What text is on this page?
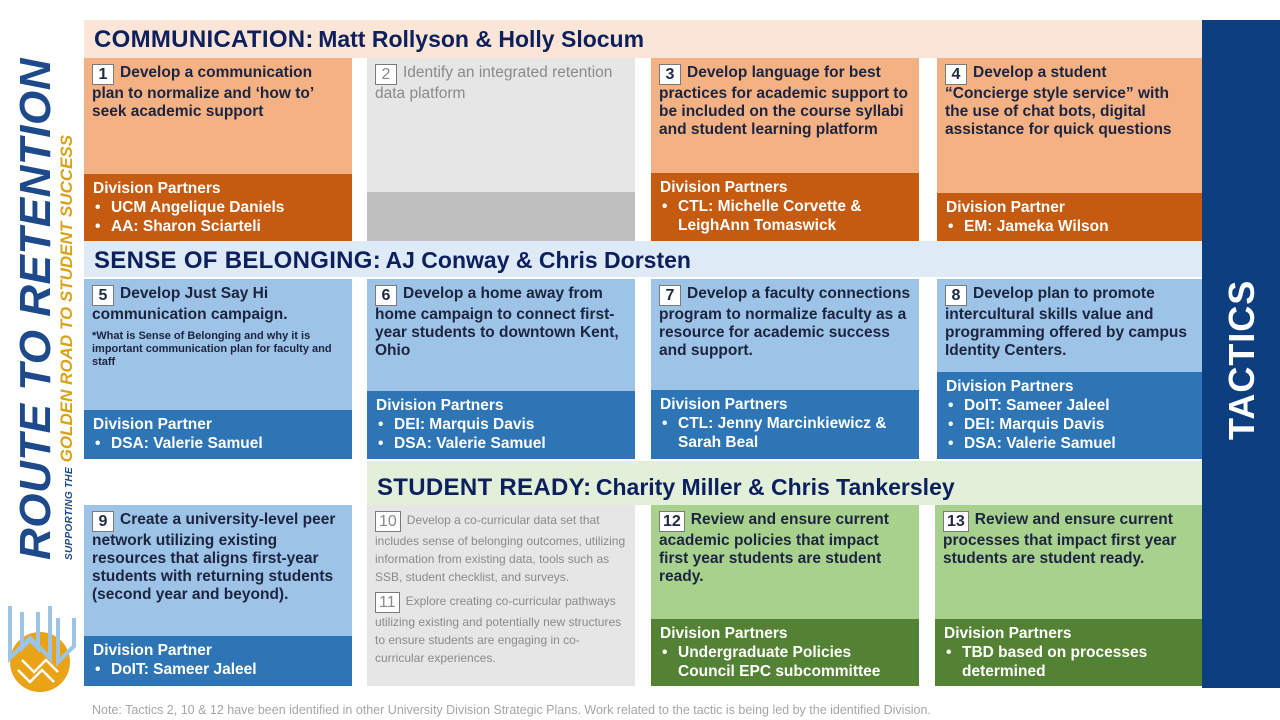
ROUTE TO RETENTION SUPPORTING THE GOLDEN ROAD TO STUDENT SUCCESS	TACTICS
COMMUNICATION: Matt Rollyson & Holly Slocum
1 Develop a communication plan to normalize and ‘how to’ seek academic support
Division Partners
• UCM Angelique Daniels
• AA: Sharon Sciarteli
2 Identify an integrated retention data platform
3 Develop language for best practices for academic support to be included on the course syllabi and student learning platform
Division Partners
• CTL: Michelle Corvette & LeighAnn Tomaswick
4 Develop a student “Concierge style service” with the use of chat bots, digital assistance for quick questions
Division Partner
• EM: Jameka Wilson
SENSE OF BELONGING: AJ Conway & Chris Dorsten
5 Develop Just Say Hi communication campaign.
*What is Sense of Belonging and why it is important communication plan for faculty and staff
Division Partner
• DSA: Valerie Samuel
6 Develop a home away from home campaign to connect first-year students to downtown Kent, Ohio
Division Partners
• DEI: Marquis Davis
• DSA: Valerie Samuel
7 Develop a faculty connections program to normalize faculty as a resource for academic success and support.
Division Partners
• CTL: Jenny Marcinkiewicz & Sarah Beal
8 Develop plan to promote intercultural skills value and programming offered by campus Identity Centers.
Division Partners
• DoIT: Sameer Jaleel
• DEI: Marquis Davis
• DSA: Valerie Samuel
STUDENT READY: Charity Miller & Chris Tankersley
9 Create a university-level peer network utilizing existing resources that aligns first-year students with returning students (second year and beyond).
Division Partner
• DoIT: Sameer Jaleel
10 Develop a co-curricular data set that includes sense of belonging outcomes, utilizing information from existing data, tools such as SSB, student checklist, and surveys.
11 Explore creating co-curricular pathways utilizing existing and potentially new structures to ensure students are engaging in co-curricular experiences.
12 Review and ensure current academic policies that impact first year students are student ready.
Division Partners
• Undergraduate Policies Council EPC subcommittee
13 Review and ensure current processes that impact first year students are student ready.
Division Partners
• TBD based on processes determined
Note: Tactics 2, 10 & 12 have been identified in other University Division Strategic Plans. Work related to the tactic is being led by the identified Division.
